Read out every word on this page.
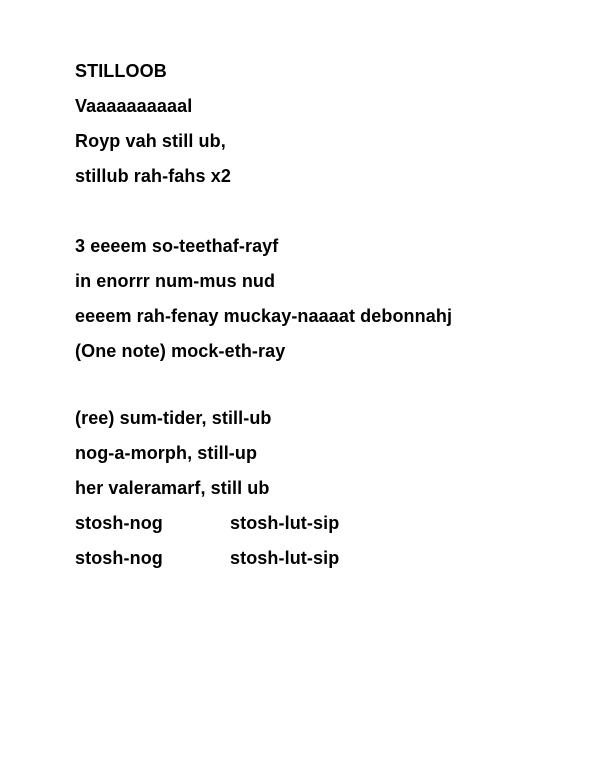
STILLOOB
Vaaaaaaaaaal
Royp vah still ub,
stillub rah-fahs x2
3 eeeem so-teethaf-rayf
in enorrr num-mus nud
eeeem rah-fenay muckay-naaaat debonnahj
(One note) mock-eth-ray
(ree) sum-tider, still-ub
nog-a-morph, still-up
her valeramarf, still ub
stosh-nog	stosh-lut-sip
stosh-nog	stosh-lut-sip
